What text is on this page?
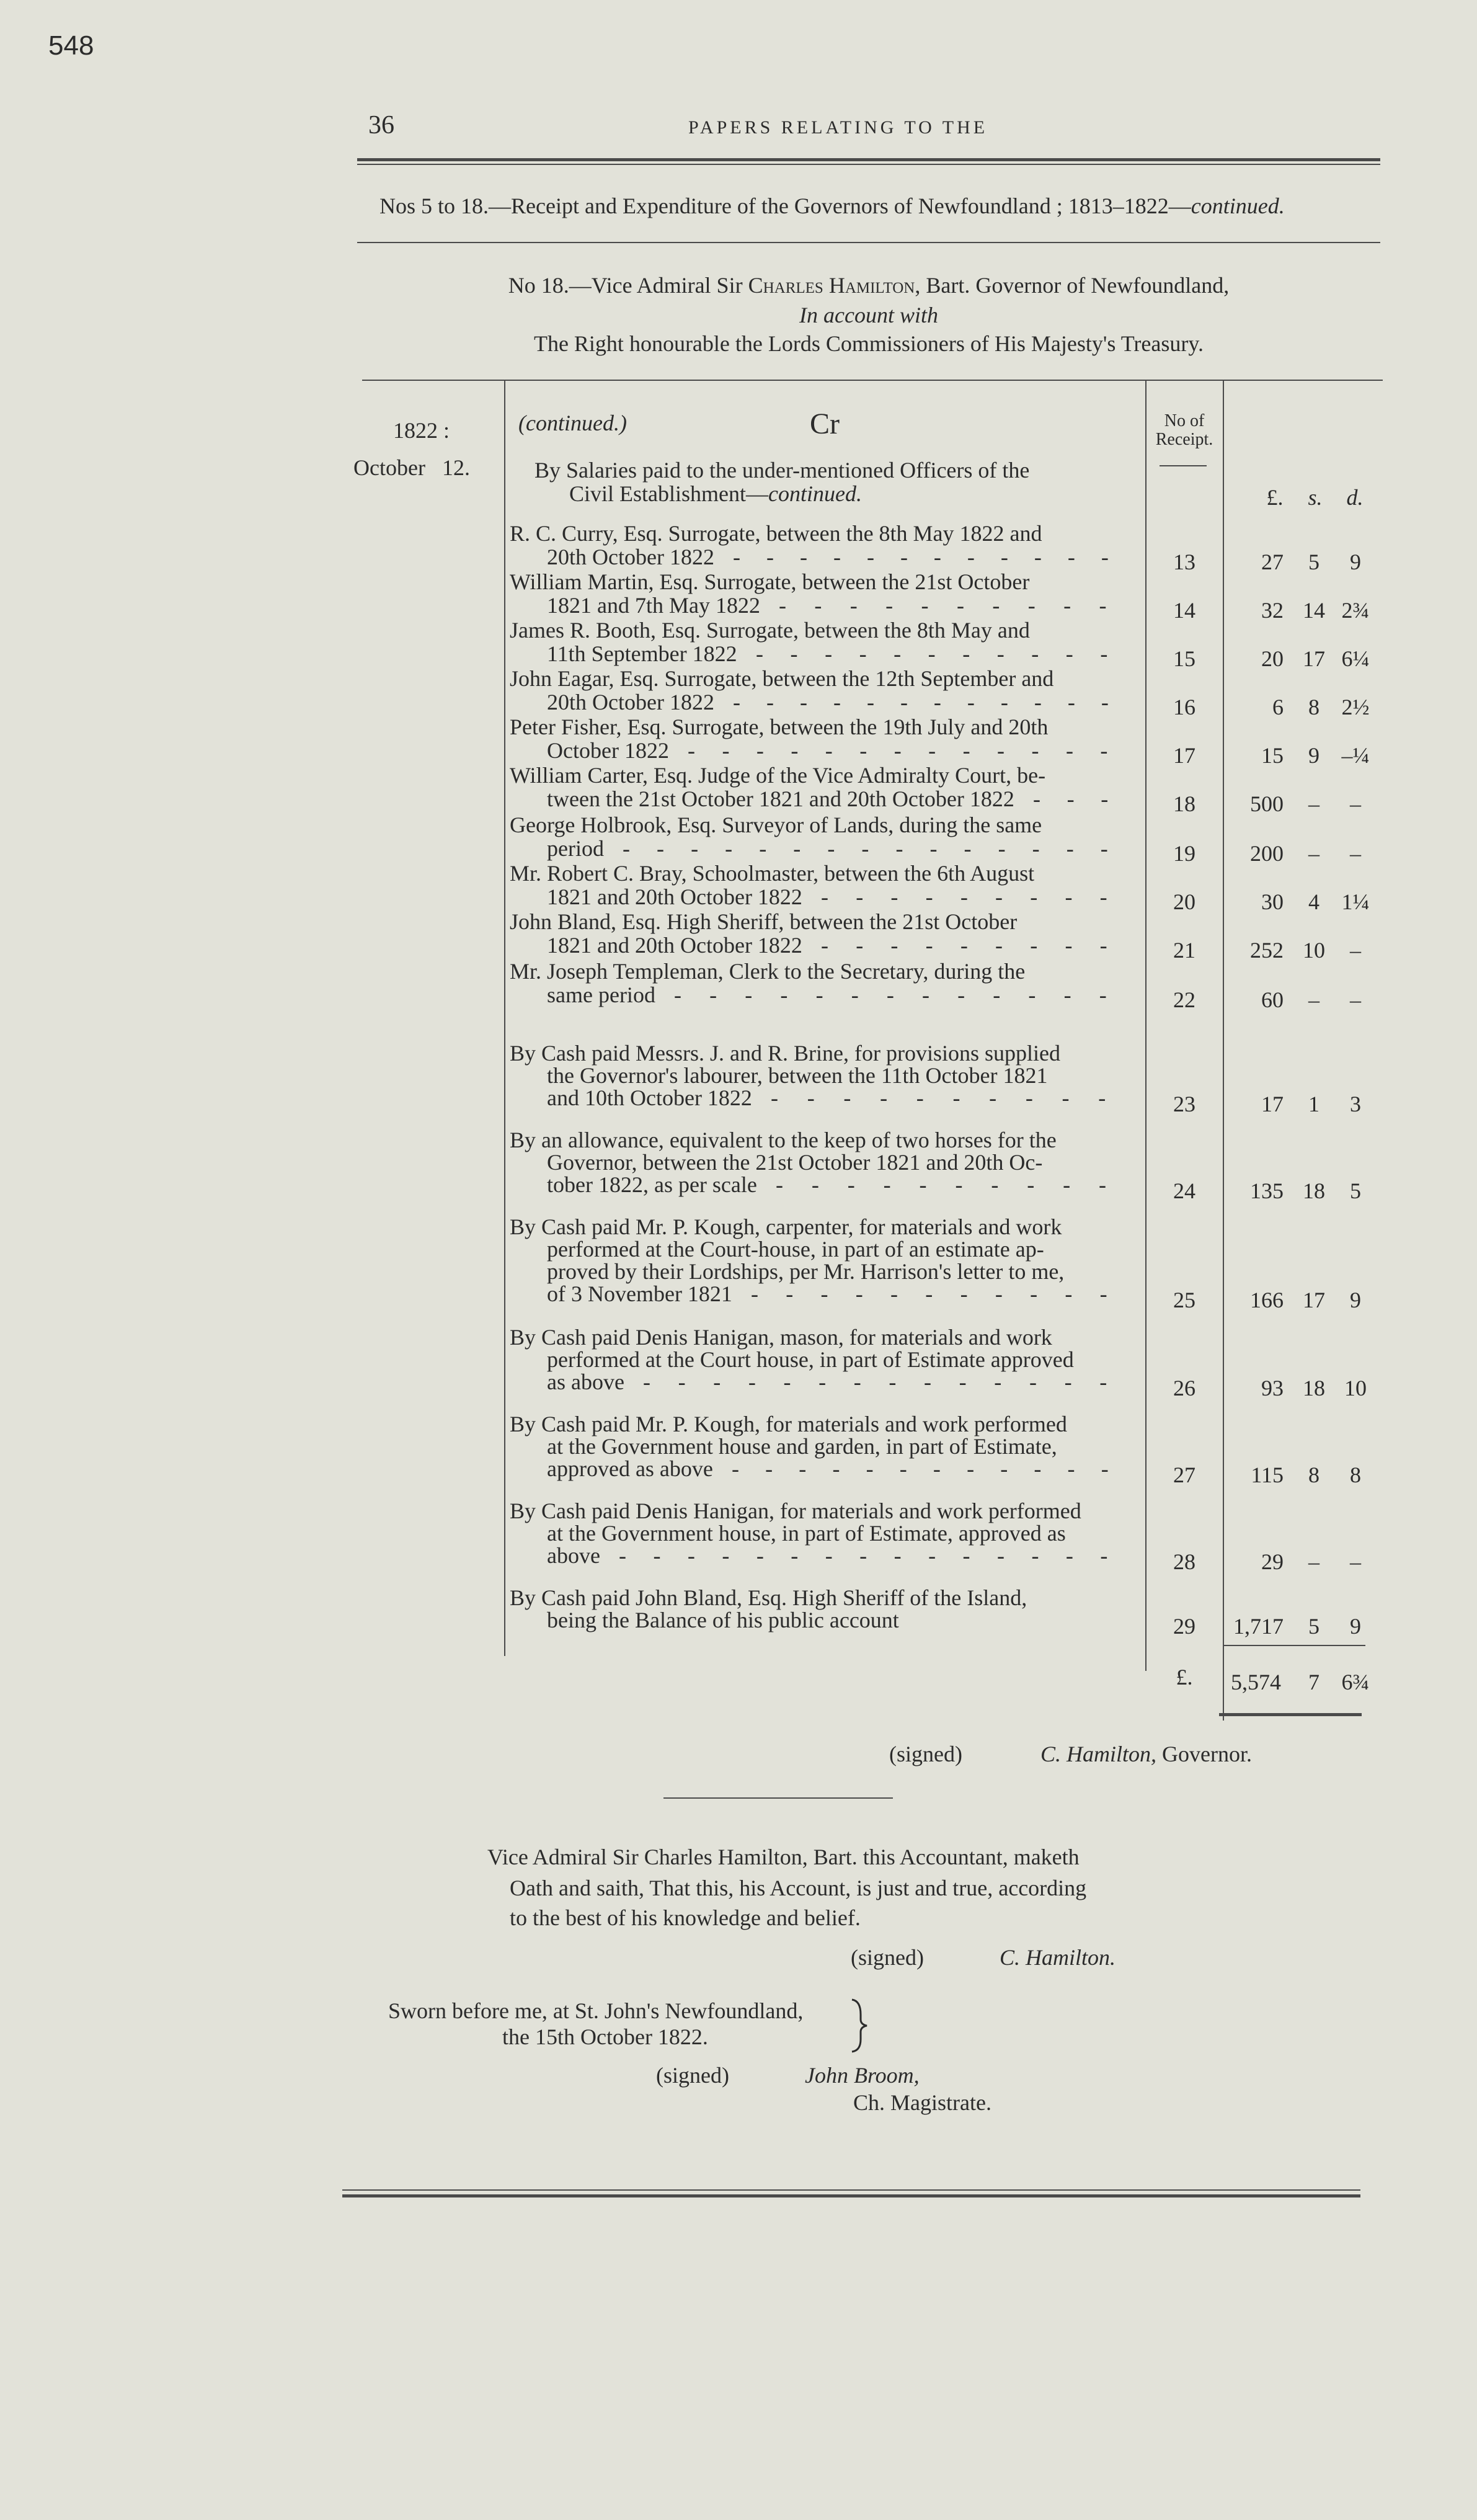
548
36	PAPERS RELATING TO THE
Nos 5 to 18.—Receipt and Expenditure of the Governors of Newfoundland ; 1813–1822—continued.
No 18.—Vice Admiral Sir Charles Hamilton, Bart. Governor of Newfoundland,
In account with
The Right honourable the Lords Commissioners of His Majesty's Treasury.
1822 :
October   12.
(continued.)	Cr	No of
Receipt.
£.	s.	d.
By Salaries paid to the under-mentioned Officers of the
Civil Establishment—continued.
R. C. Curry, Esq. Surrogate, between the 8th May 1822 and
20th October 1822 ------------	13	27	5	9
William Martin, Esq. Surrogate, between the 21st October
1821 and 7th May 1822 ----------	14	32 14 2¾
James R. Booth, Esq. Surrogate, between the 8th May and
11th September 1822 -----------	15	20 17 6¼
John Eagar, Esq. Surrogate, between the 12th September and
20th October 1822 ------------	16	6	8 2½
Peter Fisher, Esq. Surrogate, between the 19th July and 20th
October 1822 -------------	17	15	9 –¼
William Carter, Esq. Judge of the Vice Admiralty Court, be-
tween the 21st October 1821 and 20th October 1822 ---	18	500	–	–
George Holbrook, Esq. Surveyor of Lands, during the same
period ---------------	19	200	–	–
Mr. Robert C. Bray, Schoolmaster, between the 6th August
1821 and 20th October 1822 ---------	20	30	4 1¼
John Bland, Esq. High Sheriff, between the 21st October
1821 and 20th October 1822 ---------	21	252 10	–
Mr. Joseph Templeman, Clerk to the Secretary, during the
same period -------------	22	60	–	–
By Cash paid Messrs. J. and R. Brine, for provisions supplied
the Governor's labourer, between the 11th October 1821
and 10th October 1822 ----------	23	17	1	3
By an allowance, equivalent to the keep of two horses for the
Governor, between the 21st October 1821 and 20th Oc-
tober 1822, as per scale ----------	24	135 18	5
By Cash paid Mr. P. Kough, carpenter, for materials and work
performed at the Court-house, in part of an estimate ap-
proved by their Lordships, per Mr. Harrison's letter to me,
of 3 November 1821 -----------	25	166 17	9
By Cash paid Denis Hanigan, mason, for materials and work
performed at the Court house, in part of Estimate approved
as above --------------	26	93 18 10
By Cash paid Mr. P. Kough, for materials and work performed
at the Government house and garden, in part of Estimate,
approved as above ------------	27	115	8	8
By Cash paid Denis Hanigan, for materials and work performed
at the Government house, in part of Estimate, approved as
above ---------------	28	29	–	–
By Cash paid John Bland, Esq. High Sheriff of the Island,
being the Balance of his public account	29	1,717	5	9
£.	5,574	7 6¾
(signed)	C. Hamilton, Governor.
Vice Admiral Sir Charles Hamilton, Bart. this Accountant, maketh
Oath and saith, That this, his Account, is just and true, according
to the best of his knowledge and belief.
(signed)	C. Hamilton.
Sworn before me, at St. John's Newfoundland,
the 15th October 1822.
(signed)	John Broom,
Ch. Magistrate.
